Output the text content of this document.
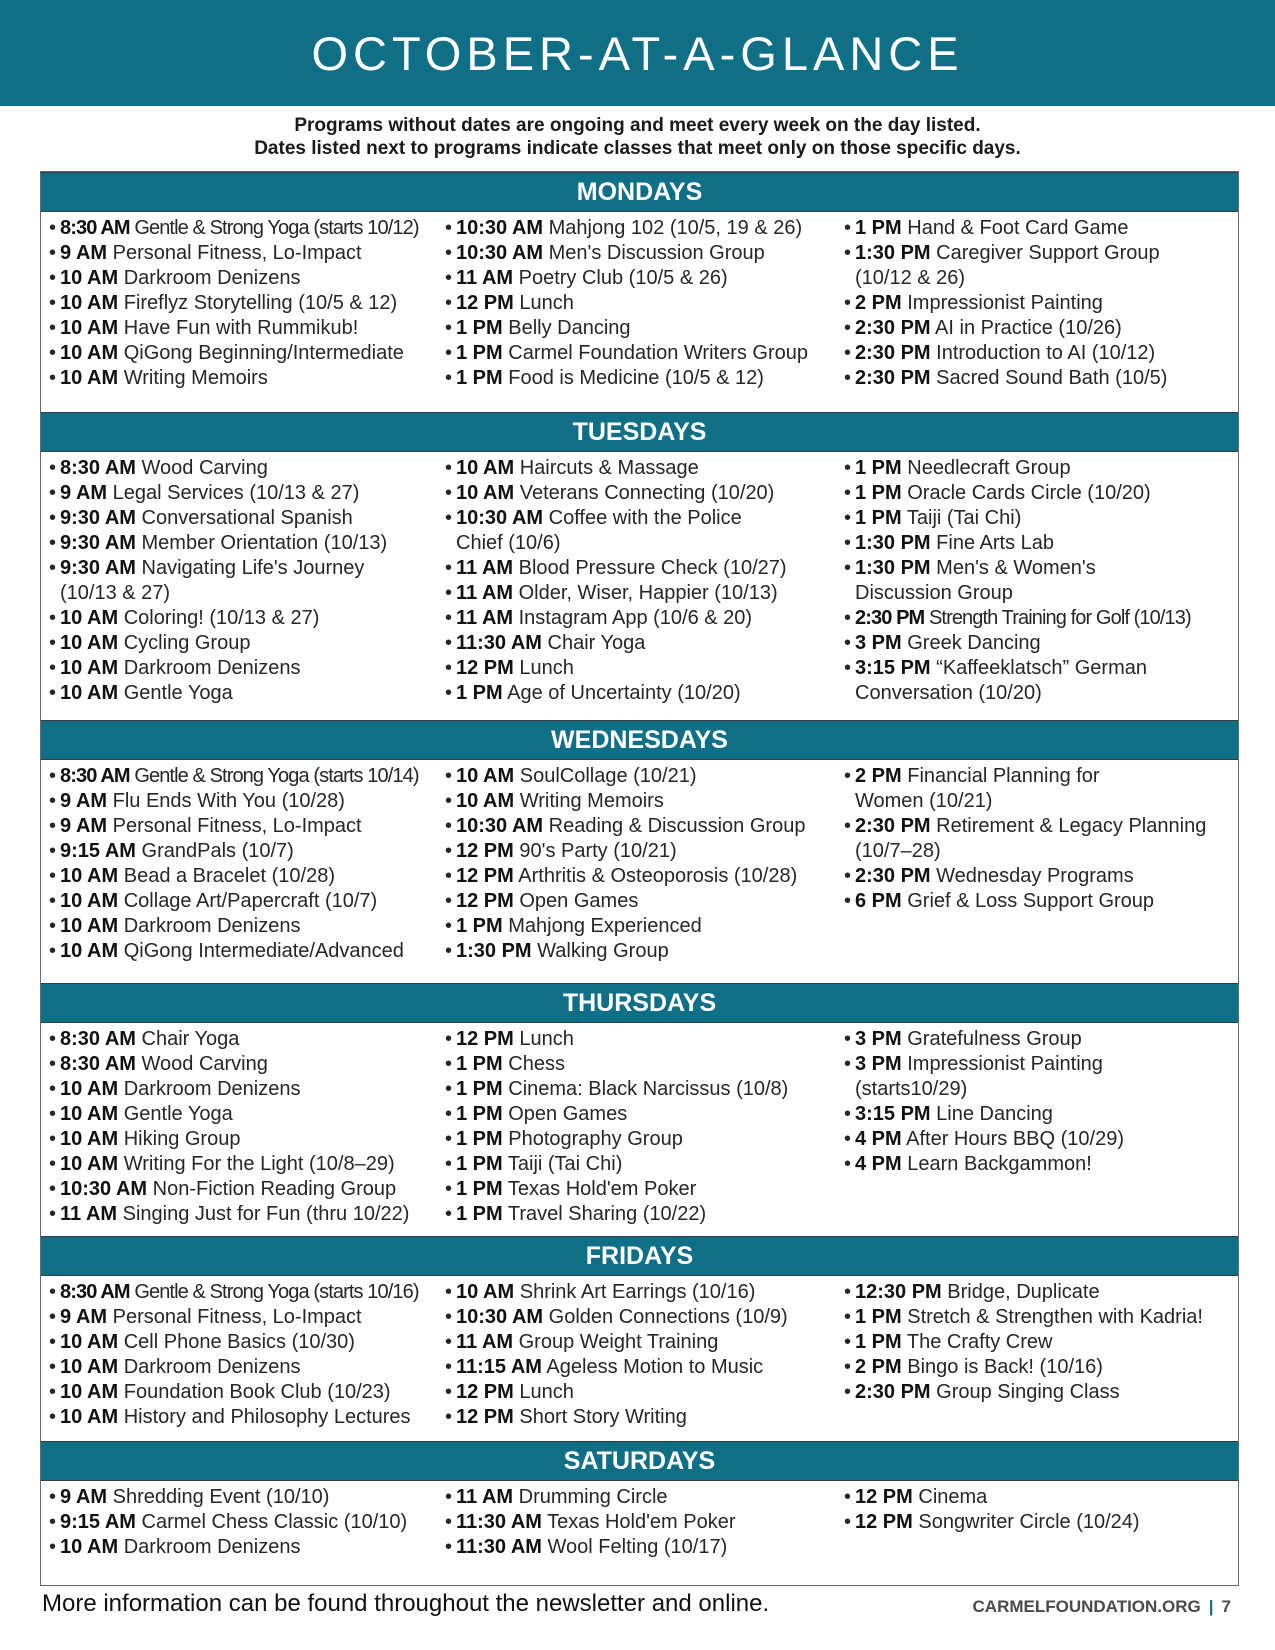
OCTOBER-AT-A-GLANCE
Programs without dates are ongoing and meet every week on the day listed.
Dates listed next to programs indicate classes that meet only on those specific days.
MONDAYS
• 8:30 AM Gentle & Strong Yoga (starts 10/12)
• 9 AM Personal Fitness, Lo-Impact
• 10 AM Darkroom Denizens
• 10 AM Fireflyz Storytelling (10/5 & 12)
• 10 AM Have Fun with Rummikub!
• 10 AM QiGong Beginning/Intermediate
• 10 AM Writing Memoirs
• 10:30 AM Mahjong 102 (10/5, 19 & 26)
• 10:30 AM Men's Discussion Group
• 11 AM Poetry Club (10/5 & 26)
• 12 PM Lunch
• 1 PM Belly Dancing
• 1 PM Carmel Foundation Writers Group
• 1 PM Food is Medicine (10/5 & 12)
• 1 PM Hand & Foot Card Game
• 1:30 PM Caregiver Support Group
(10/12 & 26)
• 2 PM Impressionist Painting
• 2:30 PM AI in Practice (10/26)
• 2:30 PM Introduction to AI (10/12)
• 2:30 PM Sacred Sound Bath (10/5)
TUESDAYS
• 8:30 AM Wood Carving
• 9 AM Legal Services (10/13 & 27)
• 9:30 AM Conversational Spanish
• 9:30 AM Member Orientation (10/13)
• 9:30 AM Navigating Life's Journey
(10/13 & 27)
• 10 AM Coloring! (10/13 & 27)
• 10 AM Cycling Group
• 10 AM Darkroom Denizens
• 10 AM Gentle Yoga
• 10 AM Haircuts & Massage
• 10 AM Veterans Connecting (10/20)
• 10:30 AM Coffee with the Police
Chief (10/6)
• 11 AM Blood Pressure Check (10/27)
• 11 AM Older, Wiser, Happier (10/13)
• 11 AM Instagram App (10/6 & 20)
• 11:30 AM Chair Yoga
• 12 PM Lunch
• 1 PM Age of Uncertainty (10/20)
• 1 PM Needlecraft Group
• 1 PM Oracle Cards Circle (10/20)
• 1 PM Taiji (Tai Chi)
• 1:30 PM Fine Arts Lab
• 1:30 PM Men's & Women's
Discussion Group
• 2:30 PM Strength Training for Golf (10/13)
• 3 PM Greek Dancing
• 3:15 PM “Kaffeeklatsch” German
Conversation (10/20)
WEDNESDAYS
• 8:30 AM Gentle & Strong Yoga (starts 10/14)
• 9 AM Flu Ends With You (10/28)
• 9 AM Personal Fitness, Lo-Impact
• 9:15 AM GrandPals (10/7)
• 10 AM Bead a Bracelet (10/28)
• 10 AM Collage Art/Papercraft (10/7)
• 10 AM Darkroom Denizens
• 10 AM QiGong Intermediate/Advanced
• 10 AM SoulCollage (10/21)
• 10 AM Writing Memoirs
• 10:30 AM Reading & Discussion Group
• 12 PM 90's Party (10/21)
• 12 PM Arthritis & Osteoporosis (10/28)
• 12 PM Open Games
• 1 PM Mahjong Experienced
• 1:30 PM Walking Group
• 2 PM Financial Planning for
Women (10/21)
• 2:30 PM Retirement & Legacy Planning
(10/7–28)
• 2:30 PM Wednesday Programs
• 6 PM Grief & Loss Support Group
THURSDAYS
• 8:30 AM Chair Yoga
• 8:30 AM Wood Carving
• 10 AM Darkroom Denizens
• 10 AM Gentle Yoga
• 10 AM Hiking Group
• 10 AM Writing For the Light (10/8–29)
• 10:30 AM Non-Fiction Reading Group
• 11 AM Singing Just for Fun (thru 10/22)
• 12 PM Lunch
• 1 PM Chess
• 1 PM Cinema: Black Narcissus (10/8)
• 1 PM Open Games
• 1 PM Photography Group
• 1 PM Taiji (Tai Chi)
• 1 PM Texas Hold'em Poker
• 1 PM Travel Sharing (10/22)
• 3 PM Gratefulness Group
• 3 PM Impressionist Painting
(starts10/29)
• 3:15 PM Line Dancing
• 4 PM After Hours BBQ (10/29)
• 4 PM Learn Backgammon!
FRIDAYS
• 8:30 AM Gentle & Strong Yoga (starts 10/16)
• 9 AM Personal Fitness, Lo-Impact
• 10 AM Cell Phone Basics (10/30)
• 10 AM Darkroom Denizens
• 10 AM Foundation Book Club (10/23)
• 10 AM History and Philosophy Lectures
• 10 AM Shrink Art Earrings (10/16)
• 10:30 AM Golden Connections (10/9)
• 11 AM Group Weight Training
• 11:15 AM Ageless Motion to Music
• 12 PM Lunch
• 12 PM Short Story Writing
• 12:30 PM Bridge, Duplicate
• 1 PM Stretch & Strengthen with Kadria!
• 1 PM The Crafty Crew
• 2 PM Bingo is Back! (10/16)
• 2:30 PM Group Singing Class
SATURDAYS
• 9 AM Shredding Event (10/10)
• 9:15 AM Carmel Chess Classic (10/10)
• 10 AM Darkroom Denizens
• 11 AM Drumming Circle
• 11:30 AM Texas Hold'em Poker
• 11:30 AM Wool Felting (10/17)
• 12 PM Cinema
• 12 PM Songwriter Circle (10/24)
More information can be found throughout the newsletter and online.	CARMELFOUNDATION.ORG | 7
